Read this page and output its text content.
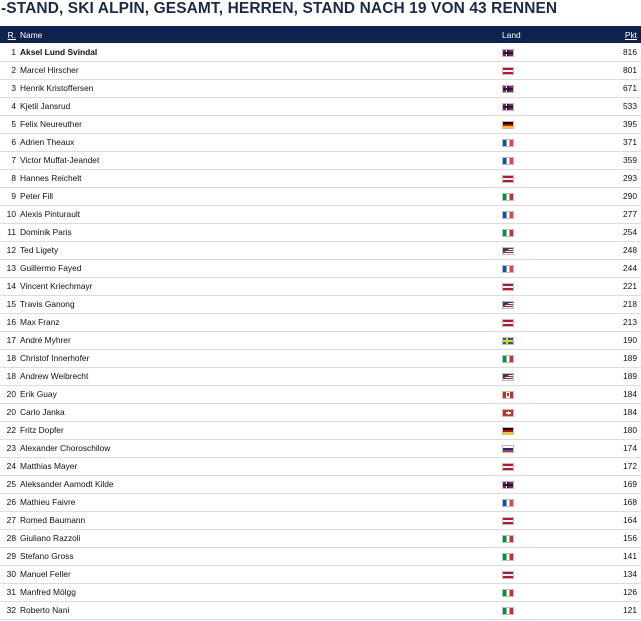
-STAND, SKI ALPIN, GESAMT, HERREN, STAND NACH 19 VON 43 RENNEN
R.	Name	Land	Pkt
1	Aksel Lund Svindal		816
2	Marcel Hirscher		801
3	Henrik Kristoffersen		671
4	Kjetil Jansrud		533
5	Felix Neureuther		395
6	Adrien Theaux		371
7	Victor Muffat-Jeandet		359
8	Hannes Reichelt		293
9	Peter Fill		290
10	Alexis Pinturault		277
11	Dominik Paris		254
12	Ted Ligety		248
13	Guillermo Fayed		244
14	Vincent Kriechmayr		221
15	Travis Ganong		218
16	Max Franz		213
17	André Myhrer		190
18	Christof Innerhofer		189
18	Andrew Weibrecht		189
20	Erik Guay		184
20	Carlo Janka		184
22	Fritz Dopfer		180
23	Alexander Choroschilow		174
24	Matthias Mayer		172
25	Aleksander Aamodt Kilde		169
26	Mathieu Faivre		168
27	Romed Baumann		164
28	Giuliano Razzoli		156
29	Stefano Gross		141
30	Manuel Feller		134
31	Manfred Mölgg		126
32	Roberto Nani		121
